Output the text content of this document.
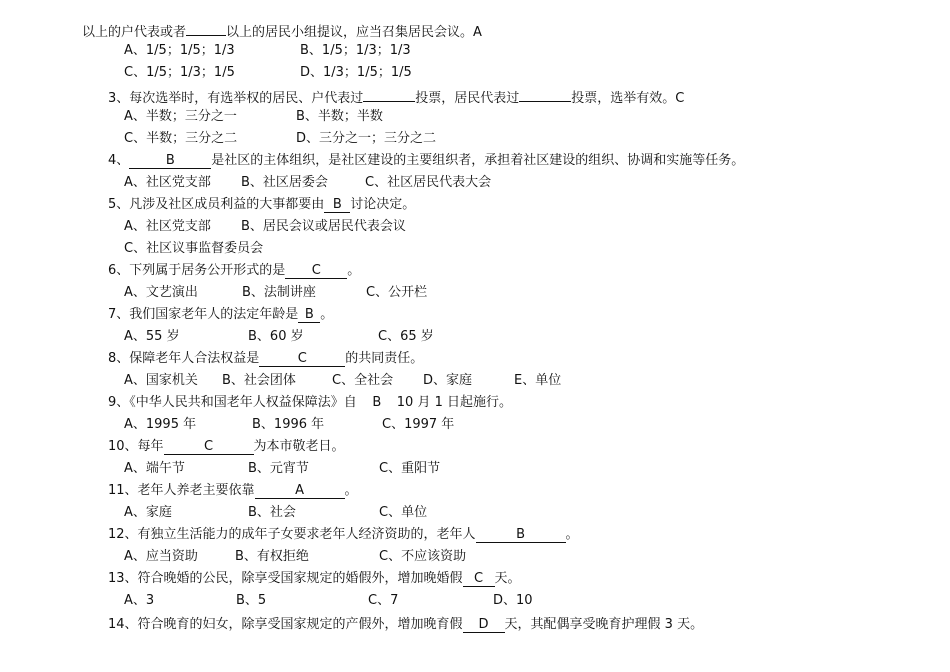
以上的户代表或者	以上的居民小组提议，应当召集居民会议。A
A、1/5；1/5；1/3	B、1/5；1/3；1/3
C、1/5；1/3；1/5	D、1/3；1/5；1/5
3、每次选举时，有选举权的居民、户代表过	投票，居民代表过	投票，选举有效。C
A、半数；三分之一	B、半数；半数
C、半数；三分之二	D、三分之一；三分之二
4、	B	是社区的主体组织，是社区建设的主要组织者，承担着社区建设的组织、协调和实施等任务。
A、社区党支部 B、社区居委会	C、社区居民代表大会
5、凡涉及社区成员利益的大事都要由 B 讨论决定。
A、社区党支部 B、居民会议或居民代表会议
C、社区议事监督委员会
6、下列属于居务公开形式的是 C 。
A、文艺演出	B、法制讲座	C、公开栏
7、我们国家老年人的法定年龄是 B 。
A、55 岁	B、60 岁	C、65 岁
8、保障老年人合法权益是	C	的共同责任。
A、国家机关 B、社会团体	C、全社会 D、家庭	E、单位
9、《中华人民共和国老年人权益保障法》自 B 10 月 1 日起施行。
A、1995 年	B、1996 年	C、1997 年
10、每年	C	为本市敬老日。
A、端午节	B、元宵节	C、重阳节
11、老年人养老主要依靠	A	。
A、家庭	B、社会	C、单位
12、有独立生活能力的成年子女要求老年人经济资助的，老年人	B	。
A、应当资助	B、有权拒绝	C、不应该资助
13、符合晚婚的公民，除享受国家规定的婚假外，增加晚婚假 C 天。
A、3	B、5	C、7	D、10
14、符合晚育的妇女，除享受国家规定的产假外，增加晚育假 D 天，其配偶享受晚育护理假 3 天。
